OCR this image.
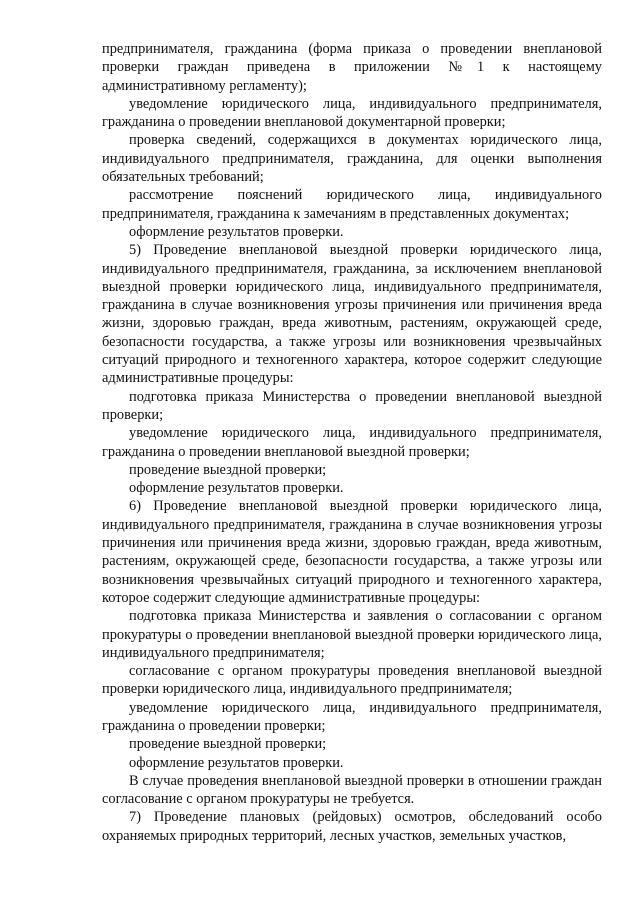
предпринимателя, гражданина (форма приказа о проведении внеплановой проверки граждан приведена в приложении №1 к настоящему административному регламенту);

уведомление юридического лица, индивидуального предпринимателя, гражданина о проведении внеплановой документарной проверки;

проверка сведений, содержащихся в документах юридического лица, индивидуального предпринимателя, гражданина, для оценки выполнения обязательных требований;

рассмотрение пояснений юридического лица, индивидуального предпринимателя, гражданина к замечаниям в представленных документах;

оформление результатов проверки.

5) Проведение внеплановой выездной проверки юридического лица, индивидуального предпринимателя, гражданина, за исключением внеплановой выездной проверки юридического лица, индивидуального предпринимателя, гражданина в случае возникновения угрозы причинения или причинения вреда жизни, здоровью граждан, вреда животным, растениям, окружающей среде, безопасности государства, а также угрозы или возникновения чрезвычайных ситуаций природного и техногенного характера, которое содержит следующие административные процедуры:

подготовка приказа Министерства о проведении внеплановой выездной проверки;

уведомление юридического лица, индивидуального предпринимателя, гражданина о проведении внеплановой выездной проверки;

проведение выездной проверки;

оформление результатов проверки.

6) Проведение внеплановой выездной проверки юридического лица, индивидуального предпринимателя, гражданина в случае возникновения угрозы причинения или причинения вреда жизни, здоровью граждан, вреда животным, растениям, окружающей среде, безопасности государства, а также угрозы или возникновения чрезвычайных ситуаций природного и техногенного характера, которое содержит следующие административные процедуры:

подготовка приказа Министерства и заявления о согласовании с органом прокуратуры о проведении внеплановой выездной проверки юридического лица, индивидуального предпринимателя;

согласование с органом прокуратуры проведения внеплановой выездной проверки юридического лица, индивидуального предпринимателя;

уведомление юридического лица, индивидуального предпринимателя, гражданина о проведении проверки;

проведение выездной проверки;

оформление результатов проверки.

В случае проведения внеплановой выездной проверки в отношении граждан согласование с органом прокуратуры не требуется.

7) Проведение плановых (рейдовых) осмотров, обследований особо охраняемых природных территорий, лесных участков, земельных участков,
